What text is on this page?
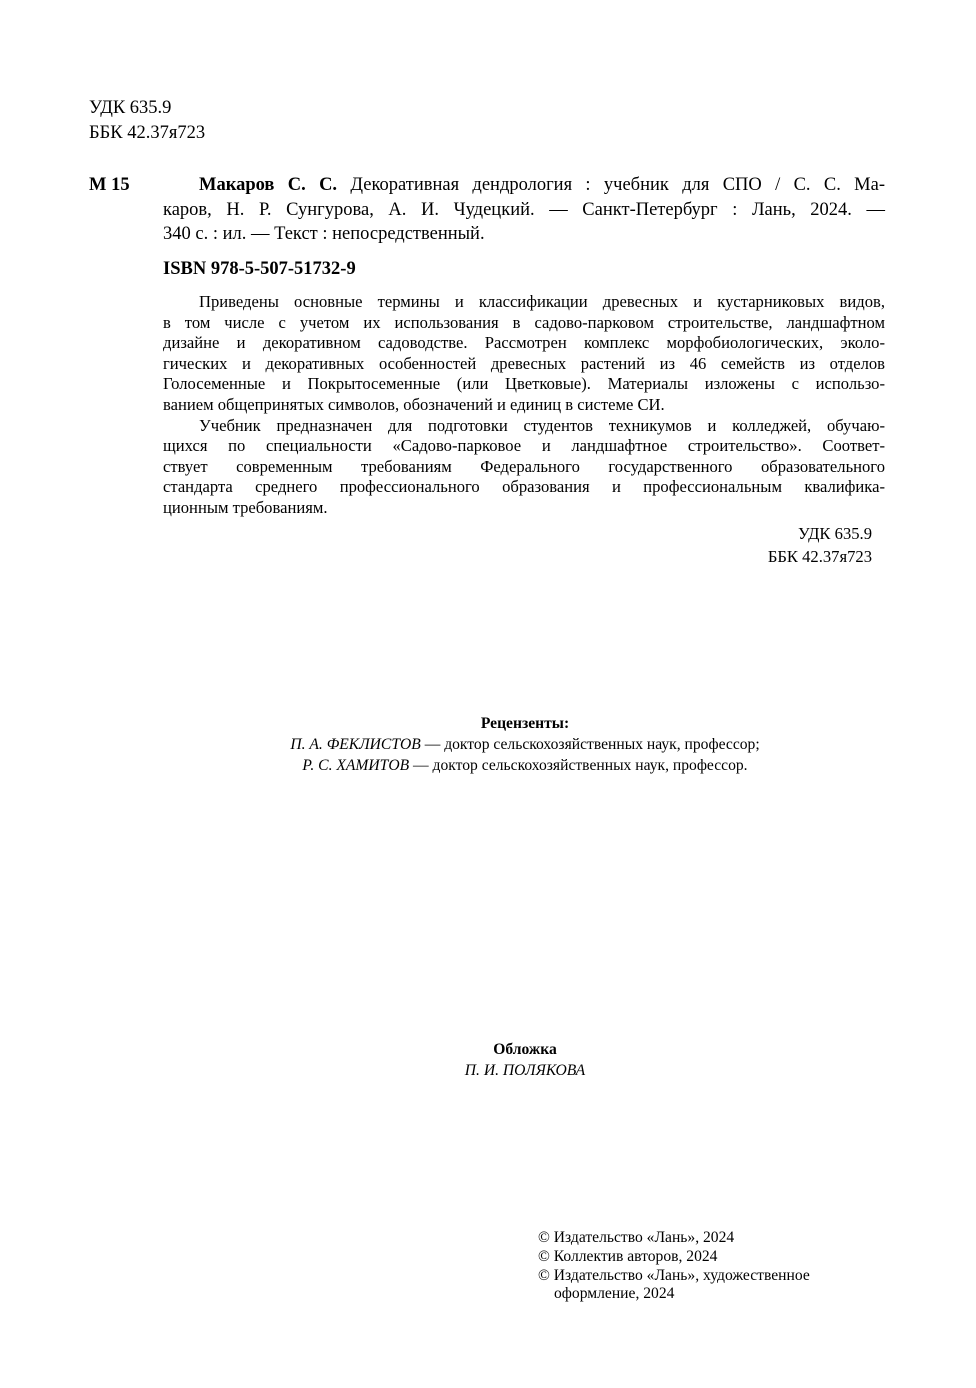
УДК 635.9
ББК 42.37я723
М 15	Макаров С. С. Декоративная дендрология : учебник для СПО / С. С. Ма-
каров, Н. Р. Сунгурова, А. И. Чудецкий. — Санкт-Петербург : Лань, 2024. —
340 с. : ил. — Текст : непосредственный.
ISBN 978-5-507-51732-9
Приведены основные термины и классификации древесных и кустарниковых видов,
в том числе с учетом их использования в садово-парковом строительстве, ландшафтном
дизайне и декоративном садоводстве. Рассмотрен комплекс морфобиологических, эколо-
гических и декоративных особенностей древесных растений из 46 семейств из отделов
Голосеменные и Покрытосеменные (или Цветковые). Материалы изложены с использо-
ванием общепринятых символов, обозначений и единиц в системе СИ.
Учебник предназначен для подготовки студентов техникумов и колледжей, обучаю-
щихся по специальности «Садово-парковое и ландшафтное строительство». Соответ-
ствует современным требованиям Федерального государственного образовательного
стандарта среднего профессионального образования и профессиональным квалифика-
ционным требованиям.
УДК 635.9
ББК 42.37я723
Рецензенты:
П. А. ФЕКЛИСТОВ — доктор сельскохозяйственных наук, профессор;
Р. С. ХАМИТОВ — доктор сельскохозяйственных наук, профессор.
Обложка
П. И. ПОЛЯКОВА
© Издательство «Лань», 2024
© Коллектив авторов, 2024
© Издательство «Лань», художественное
оформление, 2024
